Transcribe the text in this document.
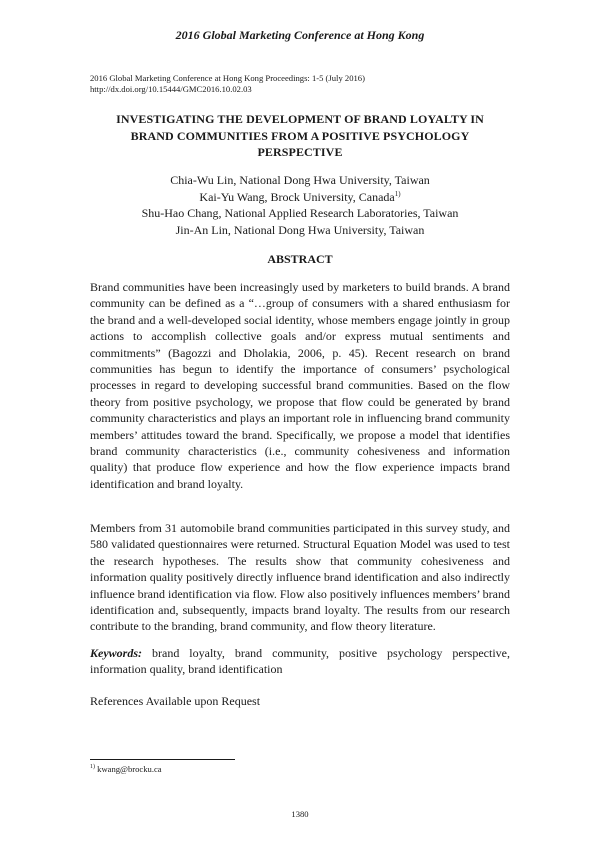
2016 Global Marketing Conference at Hong Kong
2016 Global Marketing Conference at Hong Kong Proceedings: 1-5 (July 2016)
http://dx.doi.org/10.15444/GMC2016.10.02.03
INVESTIGATING THE DEVELOPMENT OF BRAND LOYALTY IN
BRAND COMMUNITIES FROM A POSITIVE PSYCHOLOGY
PERSPECTIVE
Chia-Wu Lin, National Dong Hwa University, Taiwan
Kai-Yu Wang, Brock University, Canada$^{1)}$
Shu-Hao Chang, National Applied Research Laboratories, Taiwan
Jin-An Lin, National Dong Hwa University, Taiwan
ABSTRACT

Brand communities have been increasingly used by marketers to build brands. A brand community can be defined as a “…group of consumers with a shared enthusiasm for the brand and a well-developed social identity, whose members engage jointly in group actions to accomplish collective goals and/or express mutual sentiments and commitments” (Bagozzi and Dholakia, 2006, p. 45). Recent research on brand communities has begun to identify the importance of consumers’ psychological processes in regard to developing successful brand communities. Based on the flow theory from positive psychology, we propose that flow could be generated by brand community characteristics and plays an important role in influencing brand community members’ attitudes toward the brand. Specifically, we propose a model that identifies brand community characteristics (i.e., community cohesiveness and information quality) that produce flow experience and how the flow experience impacts brand identification and brand loyalty.

Members from 31 automobile brand communities participated in this survey study, and 580 validated questionnaires were returned. Structural Equation Model was used to test the research hypotheses. The results show that community cohesiveness and information quality positively directly influence brand identification and also indirectly influence brand identification via flow. Flow also positively influences members’ brand identification and, subsequently, impacts brand loyalty. The results from our research contribute to the branding, brand community, and flow theory literature.

Keywords: brand loyalty, brand community, positive psychology perspective, information quality, brand identification

References Available upon Request

$^{1)}$ kwang@brocku.ca
1380
